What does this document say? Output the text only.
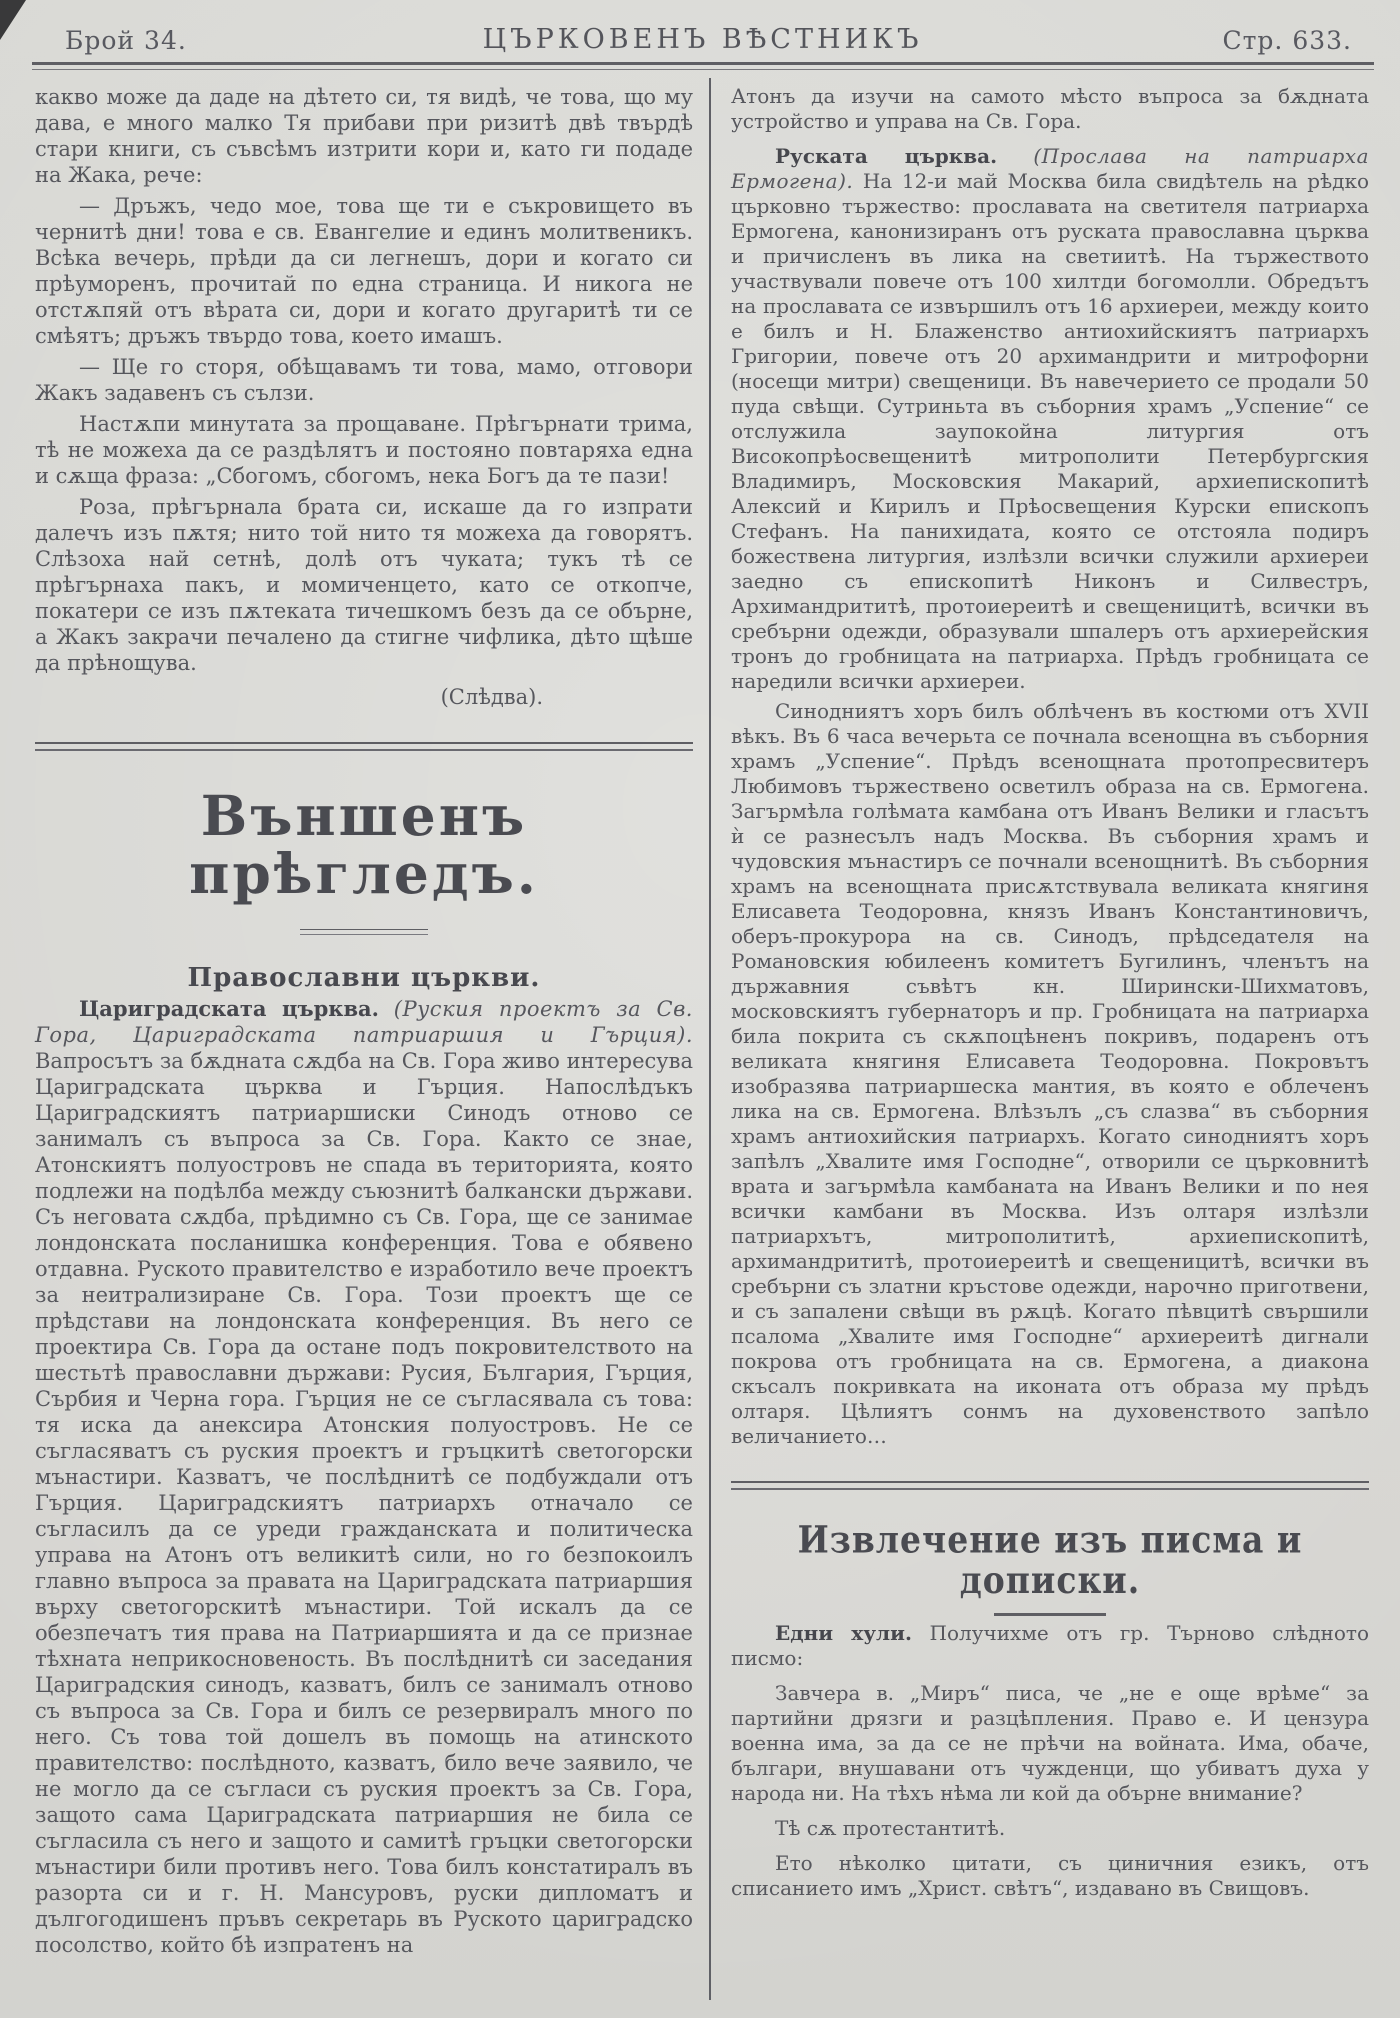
Брой 34.	ЦЪРКОВЕНЪ ВѢСТНИКЪ	Стр. 633.

какво може да даде на дѣтето си, тя видѣ, че това, що му дава, е много малко Тя прибави при ризитѣ двѣ твърдѣ стари книги, съ съвсѣмъ изтрити кори и, като ги подаде на Жака, рече:

— Дръжъ, чедо мое, това ще ти е съкровището въ чернитѣ дни! това е св. Евангелие и единъ молитвеникъ. Всѣка вечерь, прѣди да си легнешъ, дори и когато си прѣуморенъ, прочитай по една страница. И никога не отстѫпяй отъ вѣрата си, дори и когато другаритѣ ти се смѣятъ; дръжъ твърдо това, което имашъ.

— Ще го сторя, обѣщавамъ ти това, мамо, отговори Жакъ задавенъ съ сълзи.

Настѫпи минутата за прощаване. Прѣгърнати трима, тѣ не можеха да се раздѣлятъ и постояно повтаряха една и сѫща фраза: „Сбогомъ, сбогомъ, нека Богъ да те пази!

Роза, прѣгърнала брата си, искаше да го изпрати далечъ изъ пѫтя; нито той нито тя можеха да говорятъ. Слѣзоха най сетнѣ, долѣ отъ чуката; тукъ тѣ се прѣгърнаха пакъ, и момиченцето, като се откопче, покатери се изъ пѫтеката тичешкомъ безъ да се обърне, а Жакъ закрачи печалено да стигне чифлика, дѣто щѣше да прѣнощува.

(Слѣдва).

Външенъ прѣгледъ.
Православни църкви.

Цариградската църква. (Руския проектъ за Св. Гора, Цариградската патриаршия и Гърция). Вапросътъ за бѫдната сѫдба на Св. Гора живо интересува Цариградската църква и Гърция. Напослѣдъкъ Цариградскиятъ патриаршиски Синодъ отново се занималъ съ въпроса за Св. Гора. Както се знае, Атонскиятъ полуостровъ не спада въ територията, която подлежи на подѣлба между съюзнитѣ балкански държави. Съ неговата сѫдба, прѣдимно съ Св. Гора, ще се занимае лондонската посланишка конференция. Това е обявено отдавна. Руското правителство е изработило вече проектъ за неитрализиране Св. Гора. Този проектъ ще се прѣдстави на лондонската конференция. Въ него се проектира Св. Гора да остане подъ покровителството на шестьтѣ православни държави: Русия, България, Гърция, Сърбия и Черна гора. Гърция не се съгласявала съ това: тя иска да анексира Атонския полуостровъ. Не се съгласяватъ съ руския проектъ и гръцкитѣ светогорски мънастири. Казватъ, че послѣднитѣ се подбуждали отъ Гърция. Цариградскиятъ патриархъ отначало се съгласилъ да се уреди гражданската и политическа управа на Атонъ отъ великитѣ сили, но го безпокоилъ главно въпроса за правата на Цариградската патриаршия върху светогорскитѣ мънастири. Той искалъ да се обезпечатъ тия права на Патриаршията и да се признае тѣхната неприкосновеность. Въ послѣднитѣ си заседания Цариградския синодъ, казватъ, билъ се занималъ отново съ въпроса за Св. Гора и билъ се резервиралъ много по него. Съ това той дошелъ въ помощь на атинското правителство: послѣдното, казватъ, било вече заявило, че не могло да се съгласи съ руския проектъ за Св. Гора, защото сама Цариградската патриаршия не била се съгласила съ него и защото и самитѣ гръцки светогорски мънастири били противъ него. Това билъ констатиралъ въ разорта си и г. Н. Мансуровъ, руски дипломатъ и дългогодишенъ пръвъ секретарь въ Руското цариградско посолство, който бѣ изпратенъ на

Атонъ да изучи на самото мѣсто въпроса за бѫдната устройство и управа на Св. Гора.

Руската църква. (Прослава на патриарха Ермогена). На 12-и май Москва била свидѣтель на рѣдко църковно тържество: прославата на светителя патриарха Ермогена, канонизиранъ отъ руската православна църква и причисленъ въ лика на светиитѣ. На тържеството участвували повече отъ 100 хилтди богомолли. Обредътъ на прославата се извършилъ отъ 16 архиереи, между които е билъ и Н. Блаженство антиохийскиятъ патриархъ Григории, повече отъ 20 архимандрити и митрофорни (носещи митри) свещеници. Въ навечерието се продали 50 пуда свѣщи. Сутриньта въ съборния храмъ „Успение“ се отслужила заупокойна литургия отъ Високопрѣосвещенитѣ митрополити Петербургския Владимиръ, Московския Макарий, архиепископитѣ Алексий и Кирилъ и Прѣосвещения Курски епископъ Стефанъ. На панихидата, която се отстояла подиръ божествена литургия, излѣзли всички служили архиереи заедно съ епископитѣ Никонъ и Силвестръ, Архимандрититѣ, протоиереитѣ и свещеницитѣ, всички въ сребърни одежди, образували шпалеръ отъ архиерейския тронъ до гробницата на патриарха. Прѣдъ гробницата се наредили всички архиереи.

Синодниятъ хоръ билъ облѣченъ въ костюми отъ XVII вѣкъ. Въ 6 часа вечерьта се почнала всенощна въ съборния храмъ „Успение“. Прѣдъ всенощната протопресвитеръ Любимовъ тържествено осветилъ образа на св. Ермогена. Загърмѣла голѣмата камбана отъ Иванъ Велики и гласътъ ѝ се разнесълъ надъ Москва. Въ съборния храмъ и чудовския мънастиръ се почнали всенощнитѣ. Въ съборния храмъ на всенощната присѫтствувала великата княгиня Елисавета Теодоровна, князъ Иванъ Константиновичъ, оберъ-прокурора на св. Синодъ, прѣдседателя на Романовския юбилеенъ комитетъ Бугилинъ, членътъ на държавния съвѣтъ кн. Ширински-Шихматовъ, московскиятъ губернаторъ и пр. Гробницата на патриарха била покрита съ скѫпоцѣненъ покривъ, подаренъ отъ великата княгиня Елисавета Теодоровна. Покровътъ изобразява патриаршеска мантия, въ която е облеченъ лика на св. Ермогена. Влѣзълъ „съ слазва“ въ съборния храмъ антиохийския патриархъ. Когато синодниятъ хоръ запѣлъ „Хвалите имя Господне“, отворили се църковнитѣ врата и загърмѣла камбаната на Иванъ Велики и по нея всички камбани въ Москва. Изъ олтаря излѣзли патриархътъ, митрополититѣ, архиепископитѣ, архимандрититѣ, протоиереитѣ и свещеницитѣ, всички въ сребърни съ златни кръстове одежди, нарочно приготвени, и съ запалени свѣщи въ рѫцѣ. Когато пѣвцитѣ свършили псалома „Хвалите имя Господне“ архиереитѣ дигнали покрова отъ гробницата на св. Ермогена, а диакона скъсалъ покривката на иконата отъ образа му прѣдъ олтаря. Цѣлиятъ сонмъ на духовенството запѣло величанието…

Извлечение изъ писма и дописки.

Едни хули. Получихме отъ гр. Търново слѣдното писмо:

Завчера в. „Миръ“ писа, че „не е още врѣме“ за партийни дрязги и разцѣпления. Право е. И цензура военна има, за да се не прѣчи на войната. Има, обаче, българи, внушавани отъ чужденци, що убиватъ духа у народа ни. На тѣхъ нѣма ли кой да обърне внимание?

Тѣ сѫ протестантитѣ.

Ето нѣколко цитати, съ циничния езикъ, отъ списанието имъ „Христ. свѣтъ“, издавано въ Свищовъ.
